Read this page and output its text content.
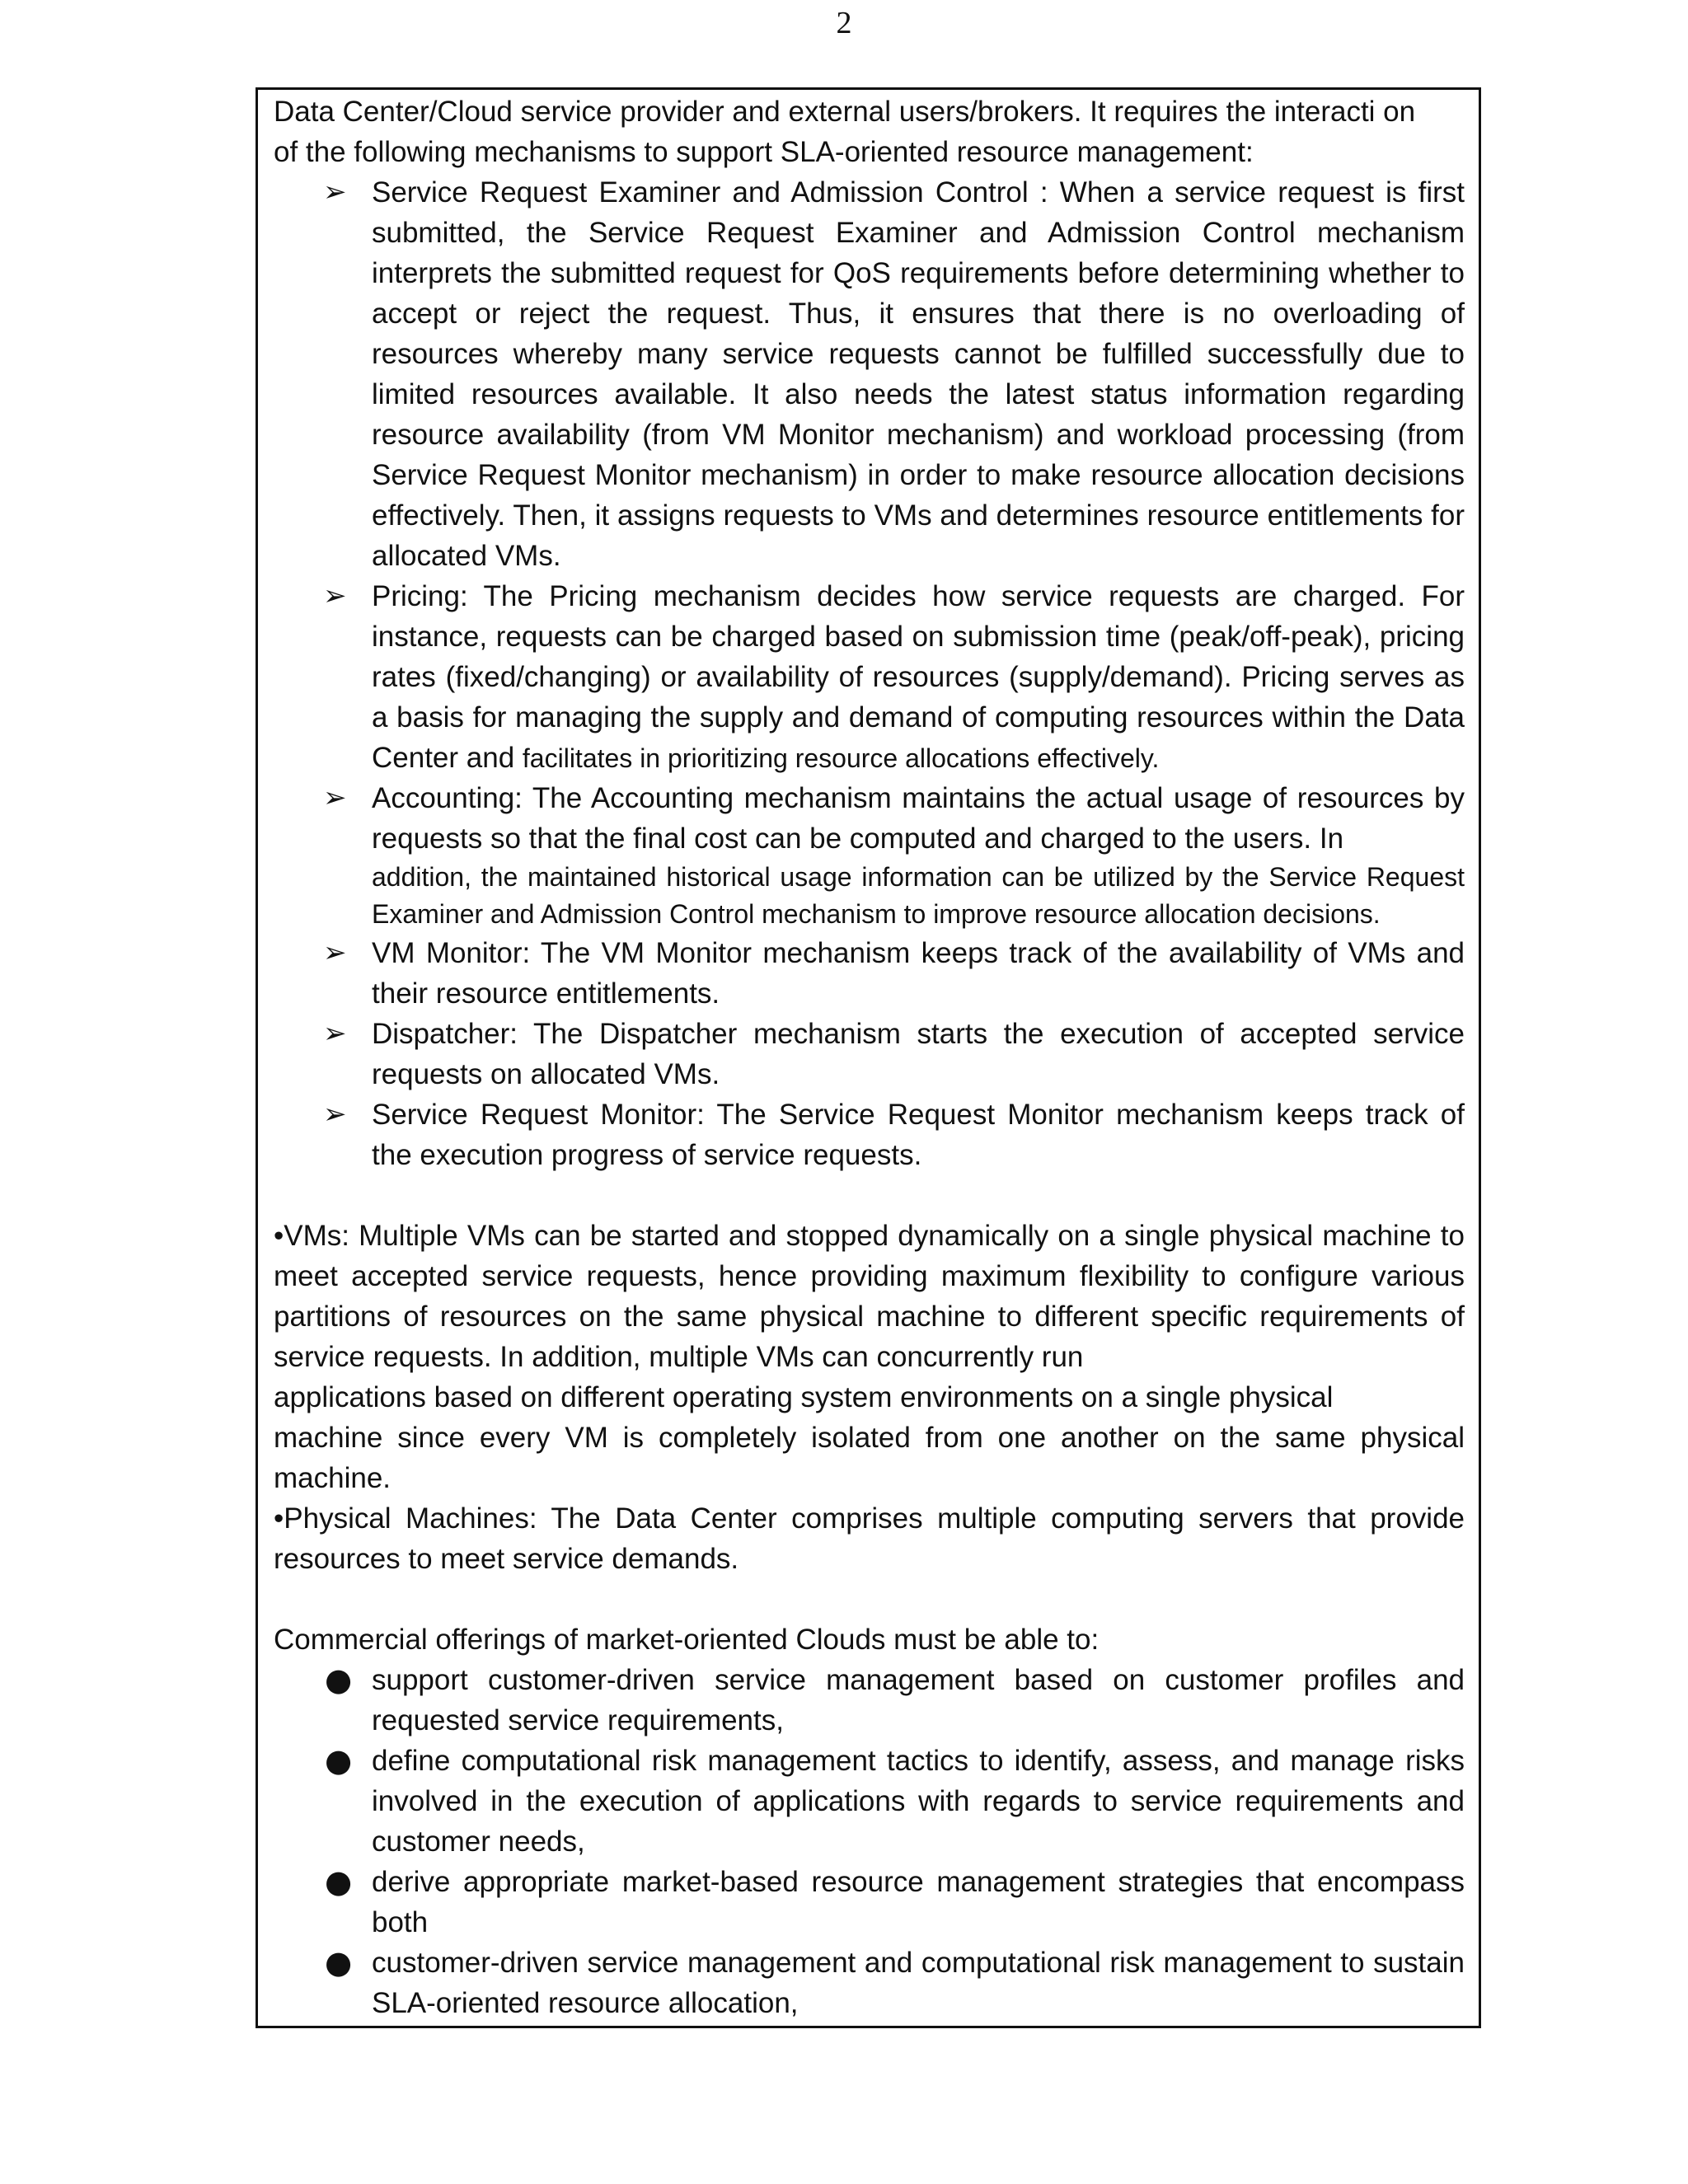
2

Data Center/Cloud service provider and external users/brokers. It requires the interacti on

of the following mechanisms to support SLA-oriented resource management:

➢ Service Request Examiner and Admission Control : When a service request is first submitted, the Service Request Examiner and Admission Control mechanism interprets the submitted request for QoS requirements before determining whether to accept or reject the request. Thus, it ensures that there is no overloading of resources whereby many service requests cannot be fulfilled successfully due to limited resources available. It also needs the latest status information regarding resource availability (from VM Monitor mechanism) and workload processing (from Service Request Monitor mechanism) in order to make resource allocation decisions effectively. Then, it assigns requests to VMs and determines resource entitlements for allocated VMs.
➢ Pricing: The Pricing mechanism decides how service requests are charged. For instance, requests can be charged based on submission time (peak/off-peak), pricing rates (fixed/changing) or availability of resources (supply/demand). Pricing serves as a basis for managing the supply and demand of computing resources within the Data Center and facilitates in prioritizing resource allocations effectively.
➢ Accounting: The Accounting mechanism maintains the actual usage of resources by requests so that the final cost can be computed and charged to the users. In
addition, the maintained historical usage information can be utilized by the Service Request Examiner and Admission Control mechanism to improve resource allocation decisions.
➢ VM Monitor: The VM Monitor mechanism keeps track of the availability of VMs and their resource entitlements.
➢ Dispatcher: The Dispatcher mechanism starts the execution of accepted service requests on allocated VMs.
➢ Service Request Monitor: The Service Request Monitor mechanism keeps track of the execution progress of service requests.

•VMs: Multiple VMs can be started and stopped dynamically on a single physical machine to meet accepted service requests, hence providing maximum flexibility to configure various partitions of resources on the same physical machine to different specific requirements of service requests. In addition, multiple VMs can concurrently run

applications based on different operating system environments on a single physical

machine since every VM is completely isolated from one another on the same physical machine.

•Physical Machines: The Data Center comprises multiple computing servers that provide resources to meet service demands.

Commercial offerings of market-oriented Clouds must be able to:

● support customer-driven service management based on customer profiles and requested service requirements,
● define computational risk management tactics to identify, assess, and manage risks involved in the execution of applications with regards to service requirements and customer needs,
● derive appropriate market-based resource management strategies that encompass both
● customer-driven service management and computational risk management to sustain SLA-oriented resource allocation,
